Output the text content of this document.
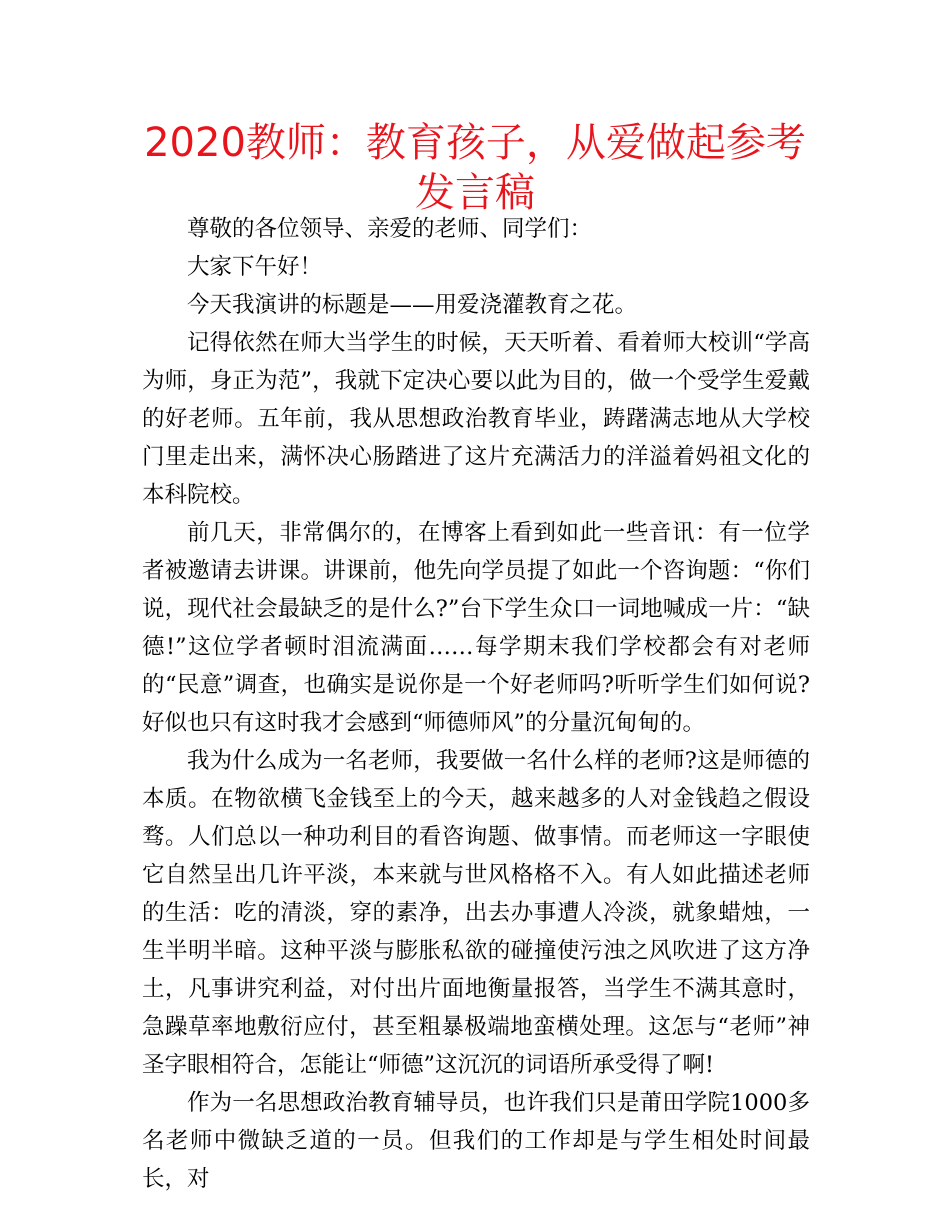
2020教师：教育孩子，从爱做起参考发言稿

尊敬的各位领导、亲爱的老师、同学们：

大家下午好！

今天我演讲的标题是——用爱浇灌教育之花。

记得依然在师大当学生的时候，天天听着、看着师大校训“学高为师，身正为范”，我就下定决心要以此为目的，做一个受学生爱戴的好老师。五年前，我从思想政治教育毕业，踌躇满志地从大学校门里走出来，满怀决心肠踏进了这片充满活力的洋溢着妈祖文化的本科院校。

前几天，非常偶尔的，在博客上看到如此一些音讯：有一位学者被邀请去讲课。讲课前，他先向学员提了如此一个咨询题：“你们说，现代社会最缺乏的是什么?”台下学生众口一词地喊成一片：“缺德!”这位学者顿时泪流满面……每学期末我们学校都会有对老师的“民意”调查，也确实是说你是一个好老师吗?听听学生们如何说?好似也只有这时我才会感到“师德师风”的分量沉甸甸的。

我为什么成为一名老师，我要做一名什么样的老师?这是师德的本质。在物欲横飞金钱至上的今天，越来越多的人对金钱趋之假设骛。人们总以一种功利目的看咨询题、做事情。而老师这一字眼使它自然呈出几许平淡，本来就与世风格格不入。有人如此描述老师的生活：吃的清淡，穿的素净，出去办事遭人冷淡，就象蜡烛，一生半明半暗。这种平淡与膨胀私欲的碰撞使污浊之风吹进了这方净土，凡事讲究利益，对付出片面地衡量报答，当学生不满其意时，急躁草率地敷衍应付，甚至粗暴极端地蛮横处理。这怎与“老师”神圣字眼相符合，怎能让“师德”这沉沉的词语所承受得了啊!

作为一名思想政治教育辅导员，也许我们只是莆田学院1000多名老师中微缺乏道的一员。但我们的工作却是与学生相处时间最长，对
